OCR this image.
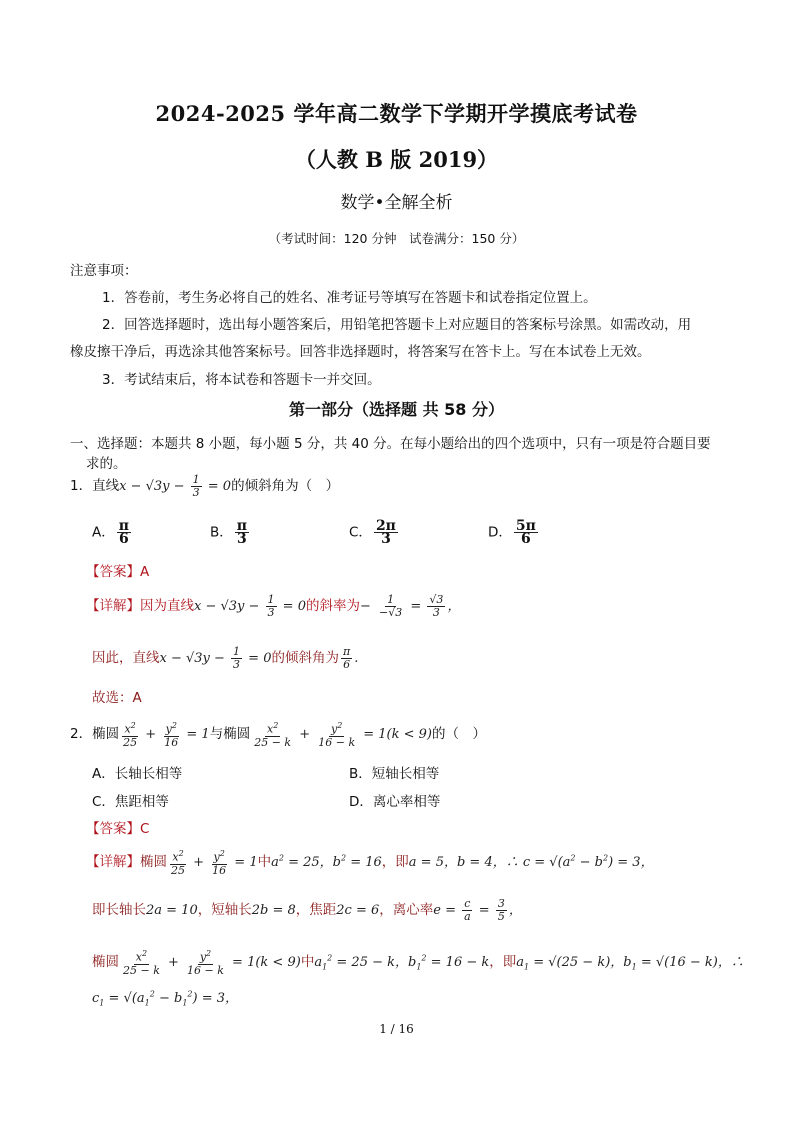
2024-2025 学年高二数学下学期开学摸底考试卷
（人教 B 版 2019）
数学•全解全析
（考试时间：120 分钟　试卷满分：150 分）
注意事项：
1．答卷前，考生务必将自己的姓名、准考证号等填写在答题卡和试卷指定位置上。
2．回答选择题时，选出每小题答案后，用铅笔把答题卡上对应题目的答案标号涂黑。如需改动，用
橡皮擦干净后，再选涂其他答案标号。回答非选择题时，将答案写在答卡上。写在本试卷上无效。
3．考试结束后，将本试卷和答题卡一并交回。
第一部分（选择题 共 58 分）
一、选择题：本题共 8 小题，每小题 5 分，共 40 分。在每小题给出的四个选项中，只有一项是符合题目要
求的。
1．直线$x - √3y - \frac{1}{3} = 0$的倾斜角为（　）
A． $\frac{\pi}{6}$	B． $\frac{\pi}{3}$	C． $\frac{2\pi}{3}$	D． $\frac{5\pi}{6}$
【答案】A
【详解】因为直线$x - √3y - \frac{1}{3} = 0$的斜率为− $\frac{1}{-√3} = \frac{√3}{3}$ ，
因此，直线$x - √3y - \frac{1}{3} = 0$的倾斜角为 $\frac{\pi}{6}$ .
故选：A
2．椭圆 $\frac{x^2}{25} + \frac{y^2}{16} = 1$与椭圆 $\frac{x^2}{25 - k} + \frac{y^2}{16 - k} = 1(k < 9)$的（　）
A．长轴长相等	B．短轴长相等
C．焦距相等	D．离心率相等
【答案】C
【详解】椭圆 $\frac{x^2}{25} + \frac{y^2}{16} = 1$中$a^2 = 25$，$b^2 = 16$，即a = 5，b = 4，∴ $c = √(a^2 - b^2) = 3$，
即长轴长2a = 10，短轴长2b = 8，焦距2c = 6，离心率$e = \frac{c}{a} = \frac{3}{5}$ ，
椭圆 $\frac{x^2}{25 - k} + \frac{y^2}{16 - k} = 1(k < 9)$中$a_1^2 = 25 - k$，$b_1^2 = 16 - k$，即$a_1 = √(25 - k)$，$b_1 = √(16 - k)$，∴
$c_1 = √(a_1^2 - b_1^2) = 3$，
1 / 16
